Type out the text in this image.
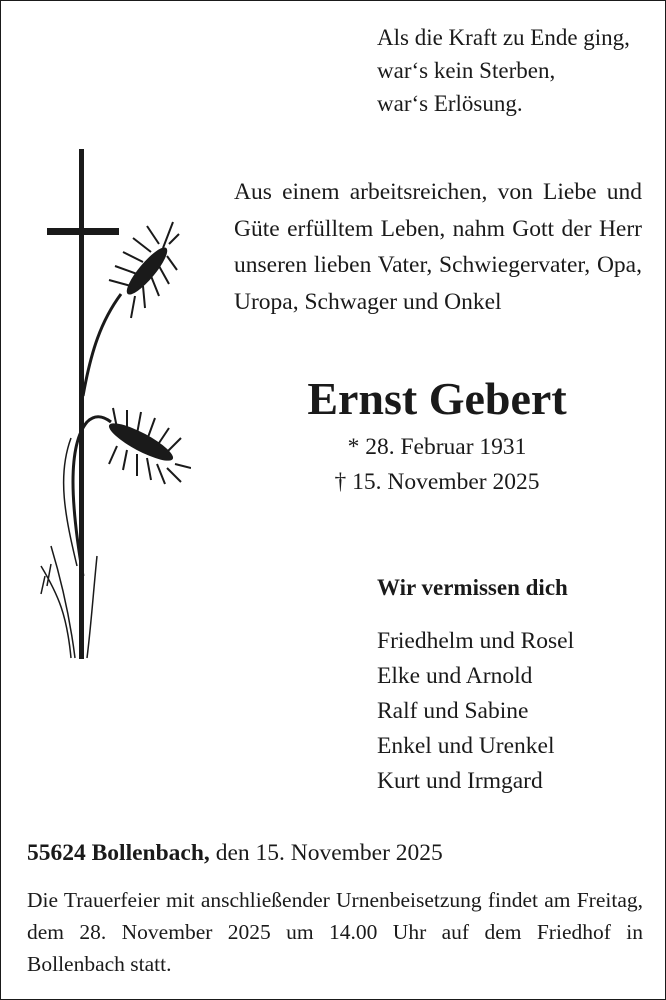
Als die Kraft zu Ende ging,
war‘s kein Sterben,
war‘s Erlösung.
Aus einem arbeitsreichen, von Liebe und Güte erfülltem Leben, nahm Gott der Herr unseren lieben Vater, Schwiegervater, Opa, Uropa, Schwager und Onkel
Ernst Gebert
* 28. Februar 1931
† 15. November 2025
Wir vermissen dich
Friedhelm und Rosel
Elke und Arnold
Ralf und Sabine
Enkel und Urenkel
Kurt und Irmgard
55624 Bollenbach, den 15. November 2025
Die Trauerfeier mit anschließender Urnenbeisetzung findet am Freitag, dem 28. November 2025 um 14.00 Uhr auf dem Friedhof in Bollenbach statt.
